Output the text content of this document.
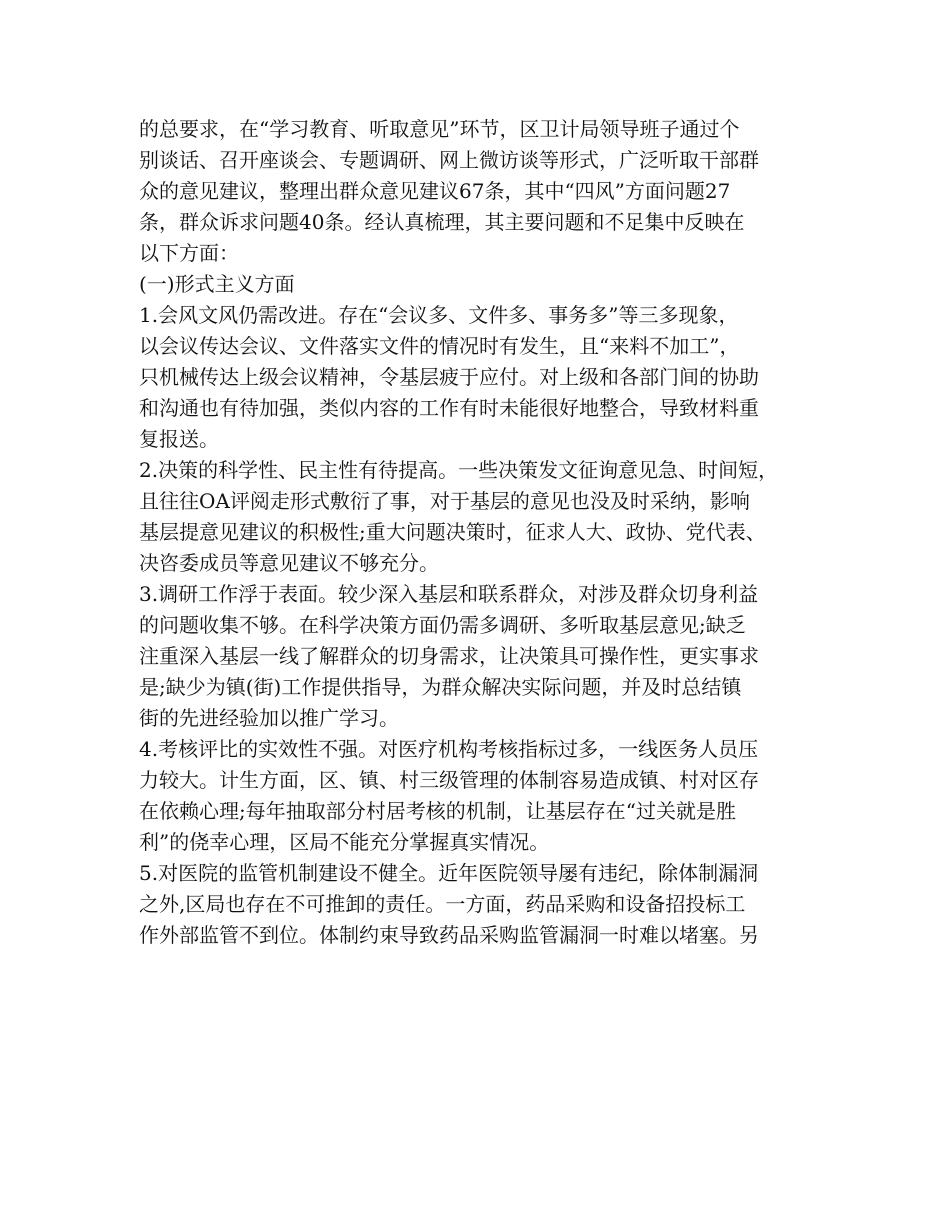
的总要求，在“学习教育、听取意见”环节，区卫计局领导班子通过个
别谈话、召开座谈会、专题调研、网上微访谈等形式，广泛听取干部群
众的意见建议，整理出群众意见建议67条，其中“四风”方面问题27
条，群众诉求问题40条。经认真梳理，其主要问题和不足集中反映在
以下方面：
(一)形式主义方面
1.会风文风仍需改进。存在“会议多、文件多、事务多”等三多现象，
以会议传达会议、文件落实文件的情况时有发生，且“来料不加工”，
只机械传达上级会议精神，令基层疲于应付。对上级和各部门间的协助
和沟通也有待加强，类似内容的工作有时未能很好地整合，导致材料重
复报送。
2.决策的科学性、民主性有待提高。一些决策发文征询意见急、时间短，
且往往OA评阅走形式敷衍了事，对于基层的意见也没及时采纳，影响
基层提意见建议的积极性;重大问题决策时，征求人大、政协、党代表、
决咨委成员等意见建议不够充分。
3.调研工作浮于表面。较少深入基层和联系群众，对涉及群众切身利益
的问题收集不够。在科学决策方面仍需多调研、多听取基层意见;缺乏
注重深入基层一线了解群众的切身需求，让决策具可操作性，更实事求
是;缺少为镇(街)工作提供指导，为群众解决实际问题，并及时总结镇
街的先进经验加以推广学习。
4.考核评比的实效性不强。对医疗机构考核指标过多，一线医务人员压
力较大。计生方面，区、镇、村三级管理的体制容易造成镇、村对区存
在依赖心理;每年抽取部分村居考核的机制，让基层存在“过关就是胜
利”的侥幸心理，区局不能充分掌握真实情况。
5.对医院的监管机制建设不健全。近年医院领导屡有违纪，除体制漏洞
之外,区局也存在不可推卸的责任。一方面，药品采购和设备招投标工
作外部监管不到位。体制约束导致药品采购监管漏洞一时难以堵塞。另
